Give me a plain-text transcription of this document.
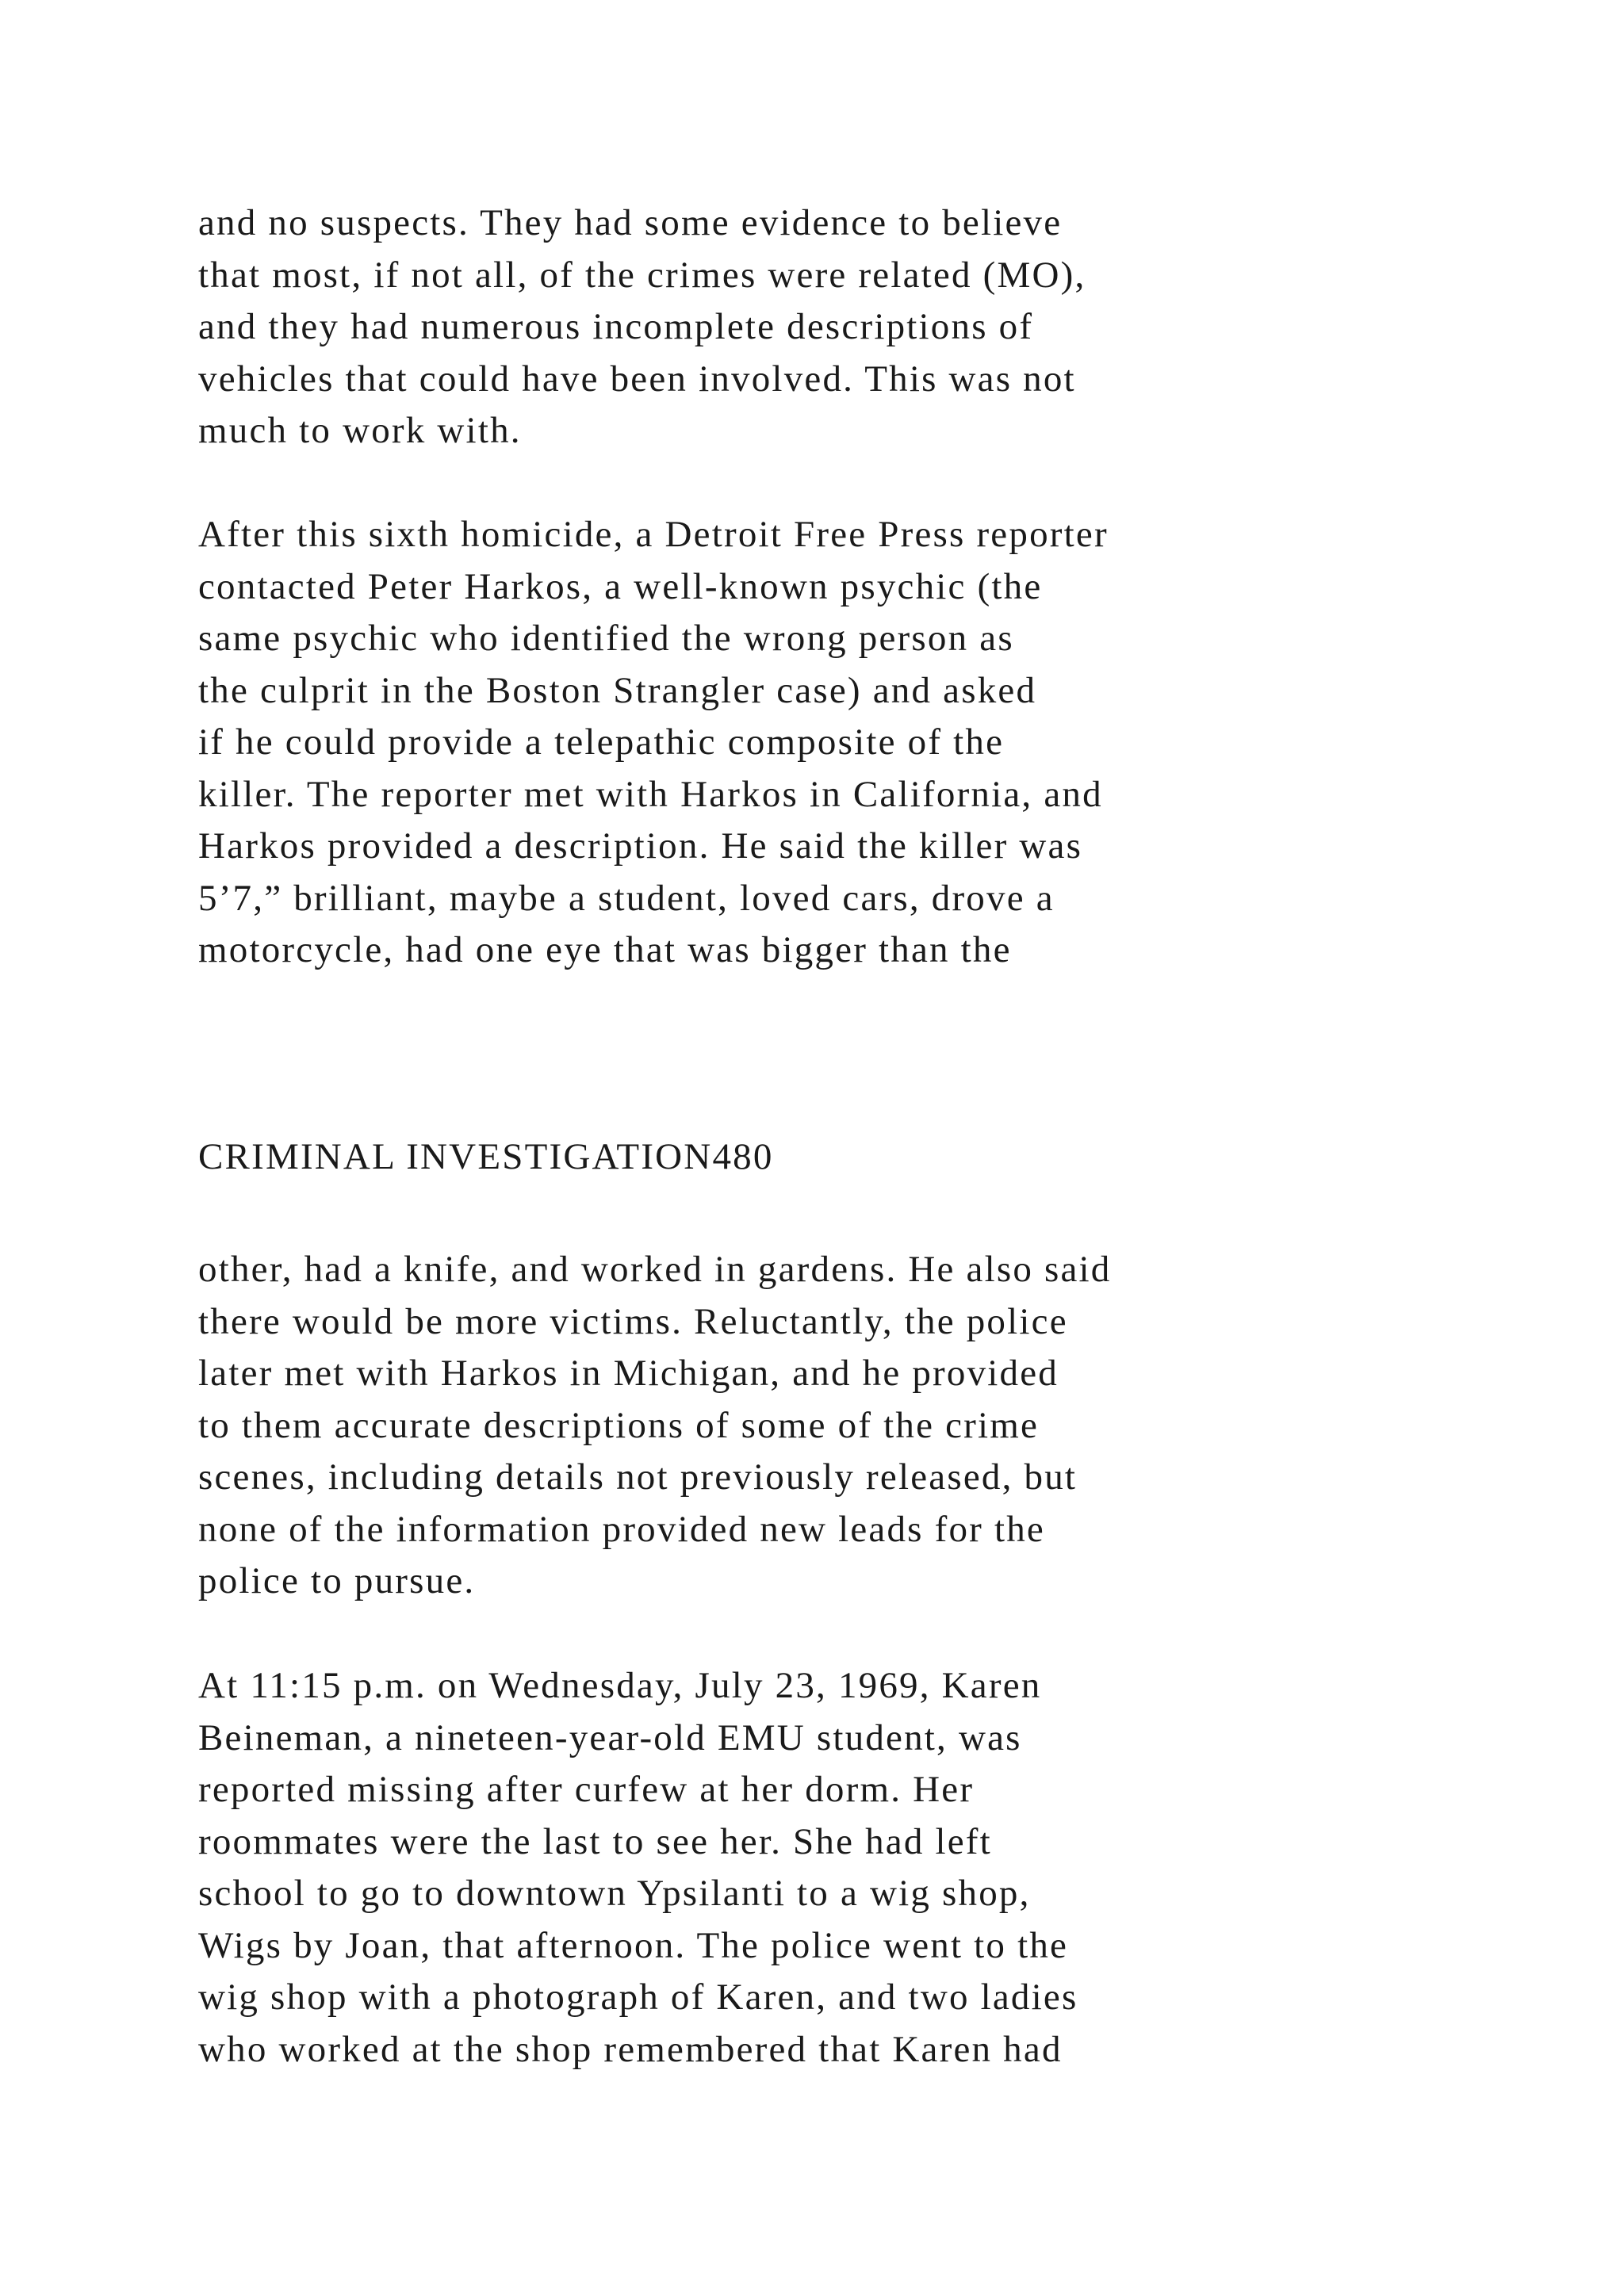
and no suspects. They had some evidence to believe
that most, if not all, of the crimes were related (MO),
and they had numerous incomplete descriptions of
vehicles that could have been involved. This was not
much to work with.
After this sixth homicide, a Detroit Free Press reporter
contacted Peter Harkos, a well-known psychic (the
same psychic who identified the wrong person as
the culprit in the Boston Strangler case) and asked
if he could provide a telepathic composite of the
killer. The reporter met with Harkos in California, and
Harkos provided a description. He said the killer was
5’7,” brilliant, maybe a student, loved cars, drove a
motorcycle, had one eye that was bigger than the
CRIMINAL INVESTIGATION480
other, had a knife, and worked in gardens. He also said
there would be more victims. Reluctantly, the police
later met with Harkos in Michigan, and he provided
to them accurate descriptions of some of the crime
scenes, including details not previously released, but
none of the information provided new leads for the
police to pursue.
At 11:15 p.m. on Wednesday, July 23, 1969, Karen
Beineman, a nineteen-year-old EMU student, was
reported missing after curfew at her dorm. Her
roommates were the last to see her. She had left
school to go to downtown Ypsilanti to a wig shop,
Wigs by Joan, that afternoon. The police went to the
wig shop with a photograph of Karen, and two ladies
who worked at the shop remembered that Karen had
